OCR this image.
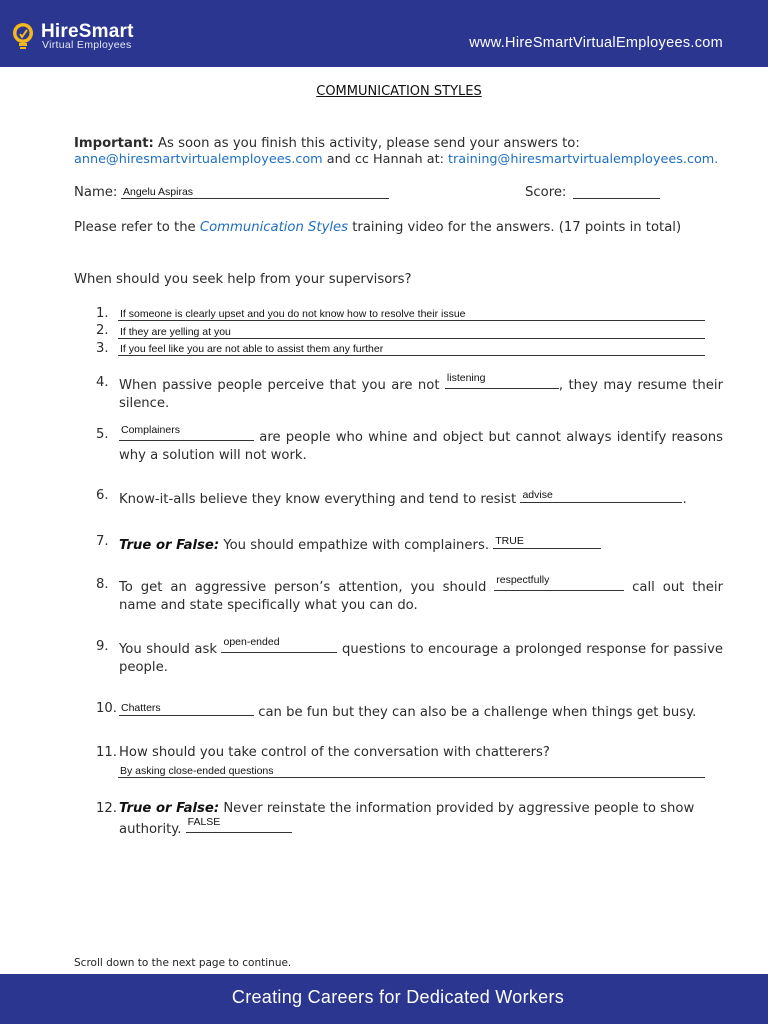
HireSmart
Virtual Employees	www.HireSmartVirtualEmployees.com
COMMUNICATION STYLES
Important: As soon as you finish this activity, please send your answers to:
anne@hiresmartvirtualemployees.com and cc Hannah at: training@hiresmartvirtualemployees.com.
Name: Angelu Aspiras	Score:
Please refer to the Communication Styles training video for the answers. (17 points in total)
When should you seek help from your supervisors?
1. If someone is clearly upset and you do not know how to resolve their issue
2. If they are yelling at you
3. If you feel like you are not able to assist them any further
4. When passive people perceive that you are not listening	, they may resume their silence.
5. Complainers	are people who whine and object but cannot always identify reasons why a solution will not work.
6. Know-it-alls believe they know everything and tend to resist advise	.
7. True or False: You should empathize with complainers. TRUE
8. To get an aggressive person’s attention, you should respectfully	call out their name and state specifically what you can do.
9. You should ask open-ended	questions to encourage a prolonged response for passive people.
10. Chatters	can be fun but they can also be a challenge when things get busy.
11. How should you take control of the conversation with chatterers?
By asking close-ended questions
12. True or False: Never reinstate the information provided by aggressive people to show authority. FALSE
Scroll down to the next page to continue.
Creating Careers for Dedicated Workers
